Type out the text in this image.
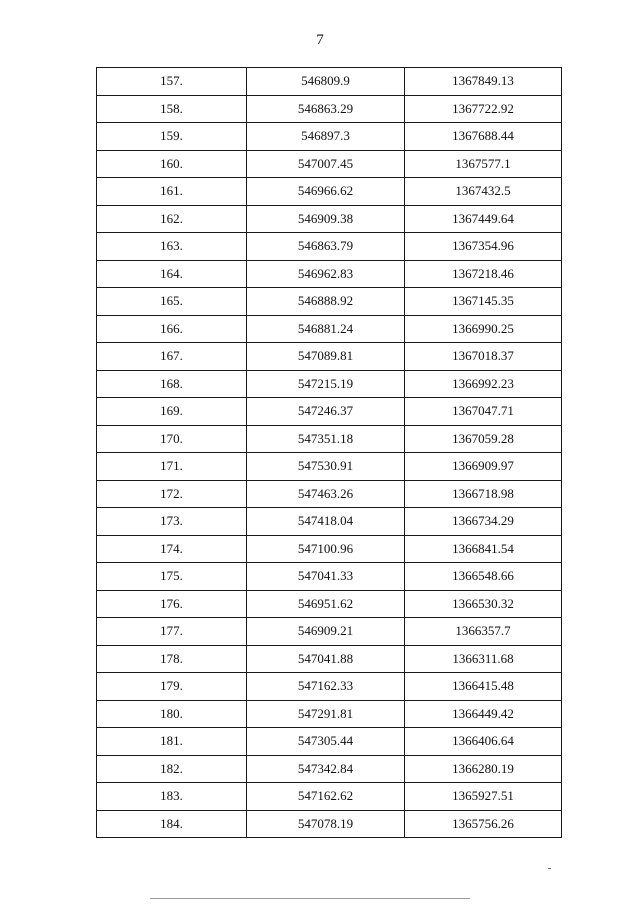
7
157.	546809.9	1367849.13
158.	546863.29	1367722.92
159.	546897.3	1367688.44
160.	547007.45	1367577.1
161.	546966.62	1367432.5
162.	546909.38	1367449.64
163.	546863.79	1367354.96
164.	546962.83	1367218.46
165.	546888.92	1367145.35
166.	546881.24	1366990.25
167.	547089.81	1367018.37
168.	547215.19	1366992.23
169.	547246.37	1367047.71
170.	547351.18	1367059.28
171.	547530.91	1366909.97
172.	547463.26	1366718.98
173.	547418.04	1366734.29
174.	547100.96	1366841.54
175.	547041.33	1366548.66
176.	546951.62	1366530.32
177.	546909.21	1366357.7
178.	547041.88	1366311.68
179.	547162.33	1366415.48
180.	547291.81	1366449.42
181.	547305.44	1366406.64
182.	547342.84	1366280.19
183.	547162.62	1365927.51
184.	547078.19	1365756.26
